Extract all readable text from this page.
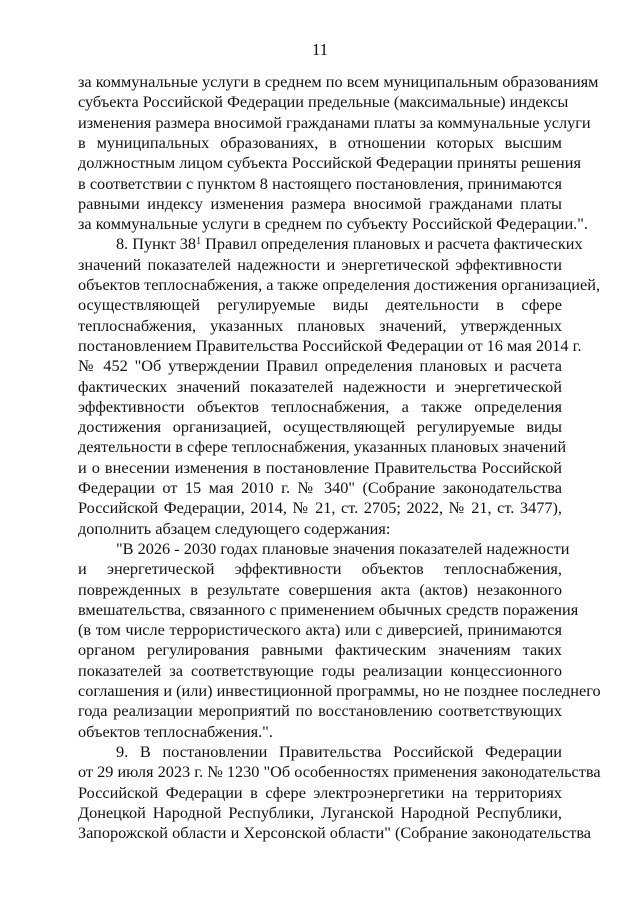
11
за коммунальные услуги в среднем по всем муниципальным образованиям
субъекта Российской Федерации предельные (максимальные) индексы
изменения размера вносимой гражданами платы за коммунальные услуги
в муниципальных образованиях, в отношении которых высшим
должностным лицом субъекта Российской Федерации приняты решения
в соответствии с пунктом 8 настоящего постановления, принимаются
равными индексу изменения размера вносимой гражданами платы
за коммунальные услуги в среднем по субъекту Российской Федерации.".
8. Пункт $38^1$ Правил определения плановых и расчета фактических
значений показателей надежности и энергетической эффективности
объектов теплоснабжения, а также определения достижения организацией,
осуществляющей регулируемые виды деятельности в сфере
теплоснабжения, указанных плановых значений, утвержденных
постановлением Правительства Российской Федерации от 16 мая 2014 г.
№ 452 "Об утверждении Правил определения плановых и расчета
фактических значений показателей надежности и энергетической
эффективности объектов теплоснабжения, а также определения
достижения организацией, осуществляющей регулируемые виды
деятельности в сфере теплоснабжения, указанных плановых значений
и о внесении изменения в постановление Правительства Российской
Федерации от 15 мая 2010 г. № 340" (Собрание законодательства
Российской Федерации, 2014, № 21, ст. 2705; 2022, № 21, ст. 3477),
дополнить абзацем следующего содержания:
"В 2026 - 2030 годах плановые значения показателей надежности
и энергетической эффективности объектов теплоснабжения,
поврежденных в результате совершения акта (актов) незаконного
вмешательства, связанного с применением обычных средств поражения
(в том числе террористического акта) или с диверсией, принимаются
органом регулирования равными фактическим значениям таких
показателей за соответствующие годы реализации концессионного
соглашения и (или) инвестиционной программы, но не позднее последнего
года реализации мероприятий по восстановлению соответствующих
объектов теплоснабжения.".
9. В постановлении Правительства Российской Федерации
от 29 июля 2023 г. № 1230 "Об особенностях применения законодательства
Российской Федерации в сфере электроэнергетики на территориях
Донецкой Народной Республики, Луганской Народной Республики,
Запорожской области и Херсонской области" (Собрание законодательства
